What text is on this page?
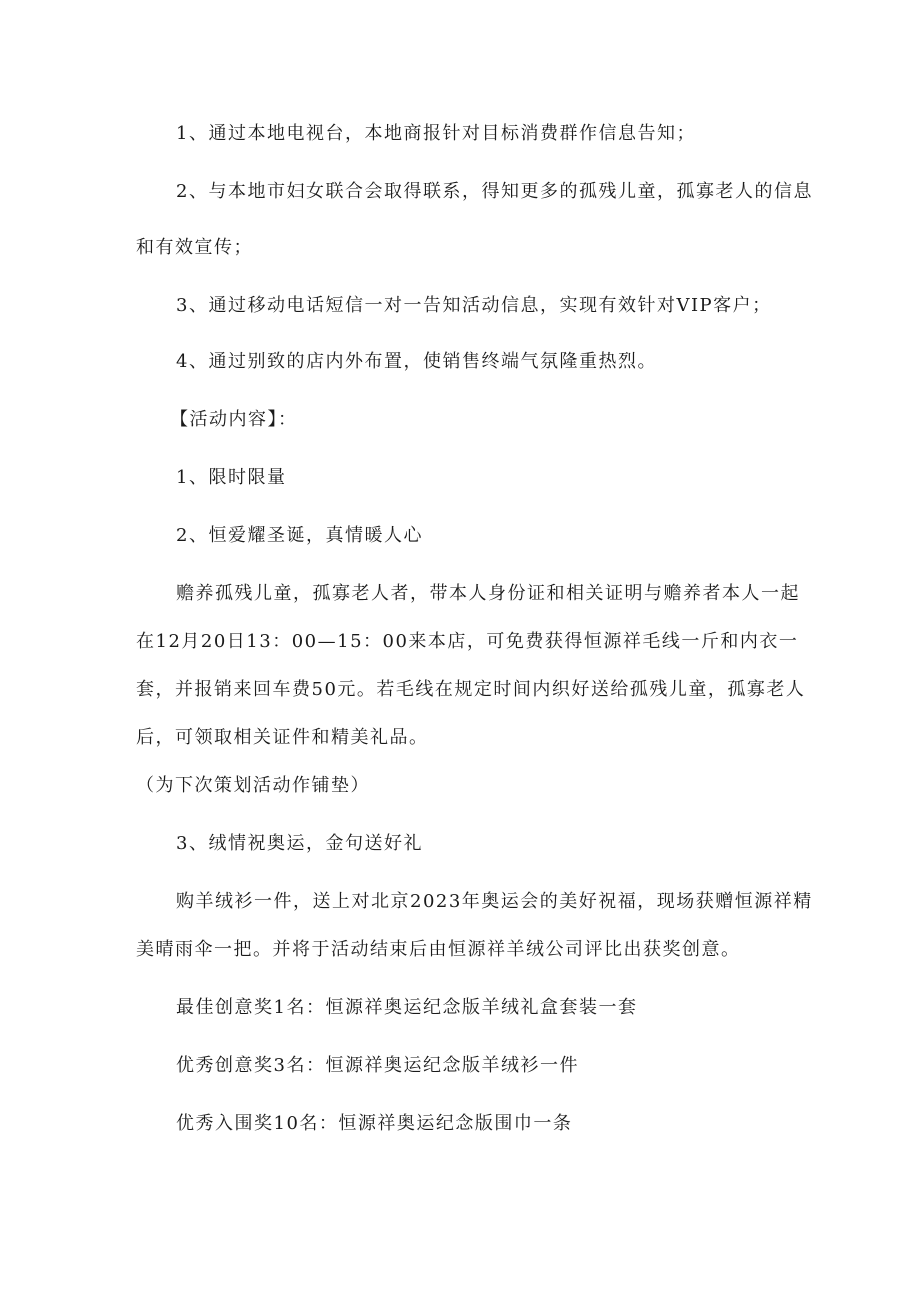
1、通过本地电视台，本地商报针对目标消费群作信息告知；
2、与本地市妇女联合会取得联系，得知更多的孤残儿童，孤寡老人的信息
和有效宣传；
3、通过移动电话短信一对一告知活动信息，实现有效针对VIP客户；
4、通过别致的店内外布置，使销售终端气氛隆重热烈。
【活动内容】：
1、限时限量
2、恒爱耀圣诞，真情暖人心
赡养孤残儿童，孤寡老人者，带本人身份证和相关证明与赡养者本人一起
在12月20日13：00—15：00来本店，可免费获得恒源祥毛线一斤和内衣一
套，并报销来回车费50元。若毛线在规定时间内织好送给孤残儿童，孤寡老人
后，可领取相关证件和精美礼品。
（为下次策划活动作铺垫）
3、绒情祝奥运，金句送好礼
购羊绒衫一件，送上对北京2023年奥运会的美好祝福，现场获赠恒源祥精
美晴雨伞一把。并将于活动结束后由恒源祥羊绒公司评比出获奖创意。
最佳创意奖1名：恒源祥奥运纪念版羊绒礼盒套装一套
优秀创意奖3名：恒源祥奥运纪念版羊绒衫一件
优秀入围奖10名：恒源祥奥运纪念版围巾一条
